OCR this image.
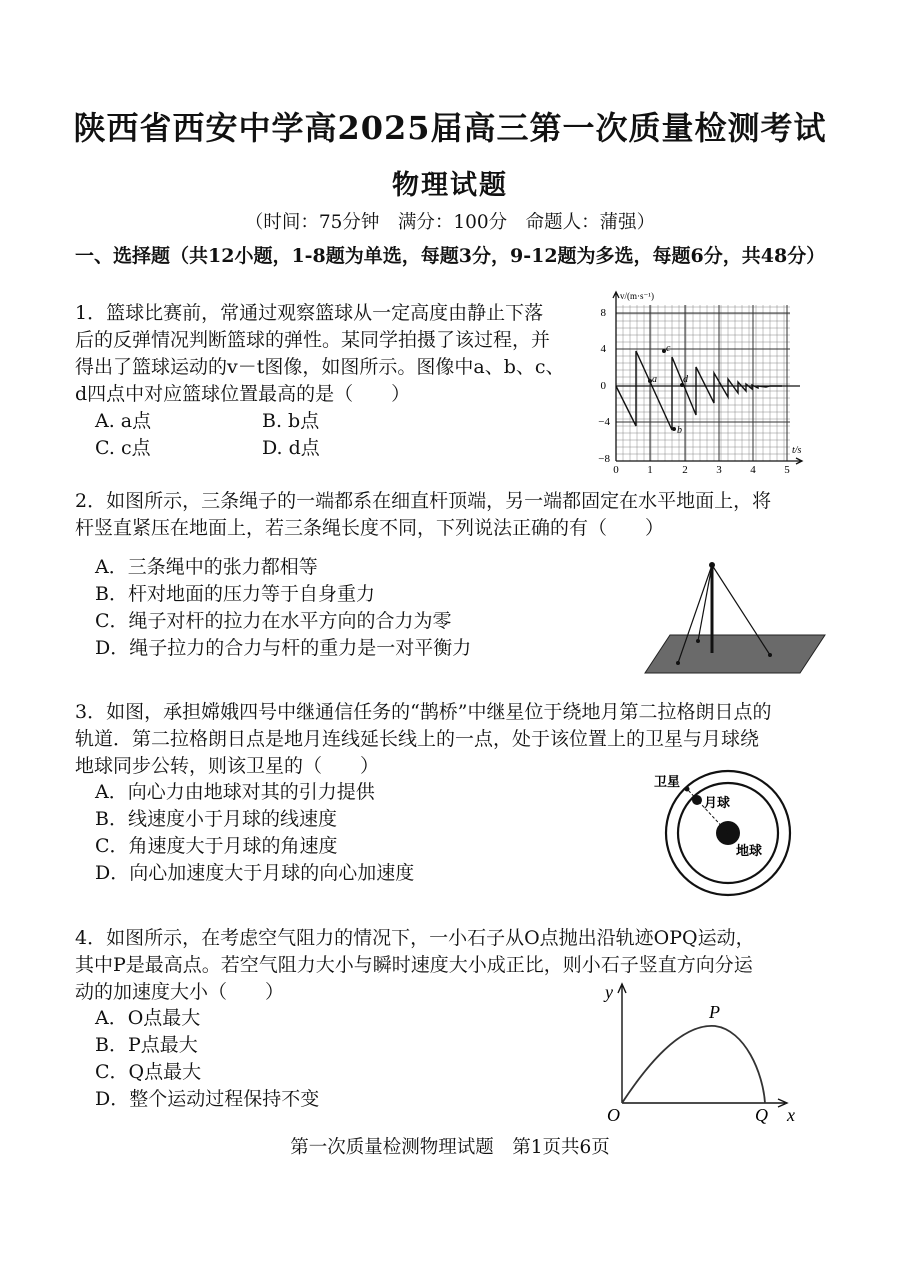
陕西省西安中学高2025届高三第一次质量检测考试
物理试题
（时间：75分钟　满分：100分　命题人：蒲强）
一、选择题（共12小题，1-8题为单选，每题3分，9-12题为多选，每题6分，共48分）
1．篮球比赛前，常通过观察篮球从一定高度由静止下落
后的反弹情况判断篮球的弹性。某同学拍摄了该过程，并
得出了篮球运动的v－t图像，如图所示。图像中a、b、c、
d四点中对应篮球位置最高的是（　　）
A. a点	B. b点
C. c点	D. d点
v/(m·s⁻¹)
t/s
8
4
0
−4
−8
0	1	2	3	4	5
a
b
c
d
2．如图所示，三条绳子的一端都系在细直杆顶端，另一端都固定在水平地面上，将
杆竖直紧压在地面上，若三条绳长度不同，下列说法正确的有（　　）
A．三条绳中的张力都相等
B．杆对地面的压力等于自身重力
C．绳子对杆的拉力在水平方向的合力为零
D．绳子拉力的合力与杆的重力是一对平衡力
3．如图，承担嫦娥四号中继通信任务的“鹊桥”中继星位于绕地月第二拉格朗日点的
轨道．第二拉格朗日点是地月连线延长线上的一点，处于该位置上的卫星与月球绕
地球同步公转，则该卫星的（　　）
A．向心力由地球对其的引力提供
B．线速度小于月球的线速度
C．角速度大于月球的角速度
D．向心加速度大于月球的向心加速度
卫星
月球
地球
4．如图所示，在考虑空气阻力的情况下，一小石子从O点抛出沿轨迹OPQ运动，
其中P是最高点。若空气阻力大小与瞬时速度大小成正比，则小石子竖直方向分运
动的加速度大小（　　）
A．O点最大
B．P点最大
C．Q点最大
D．整个运动过程保持不变
y
P
O	Q x
第一次质量检测物理试题　第1页共6页
